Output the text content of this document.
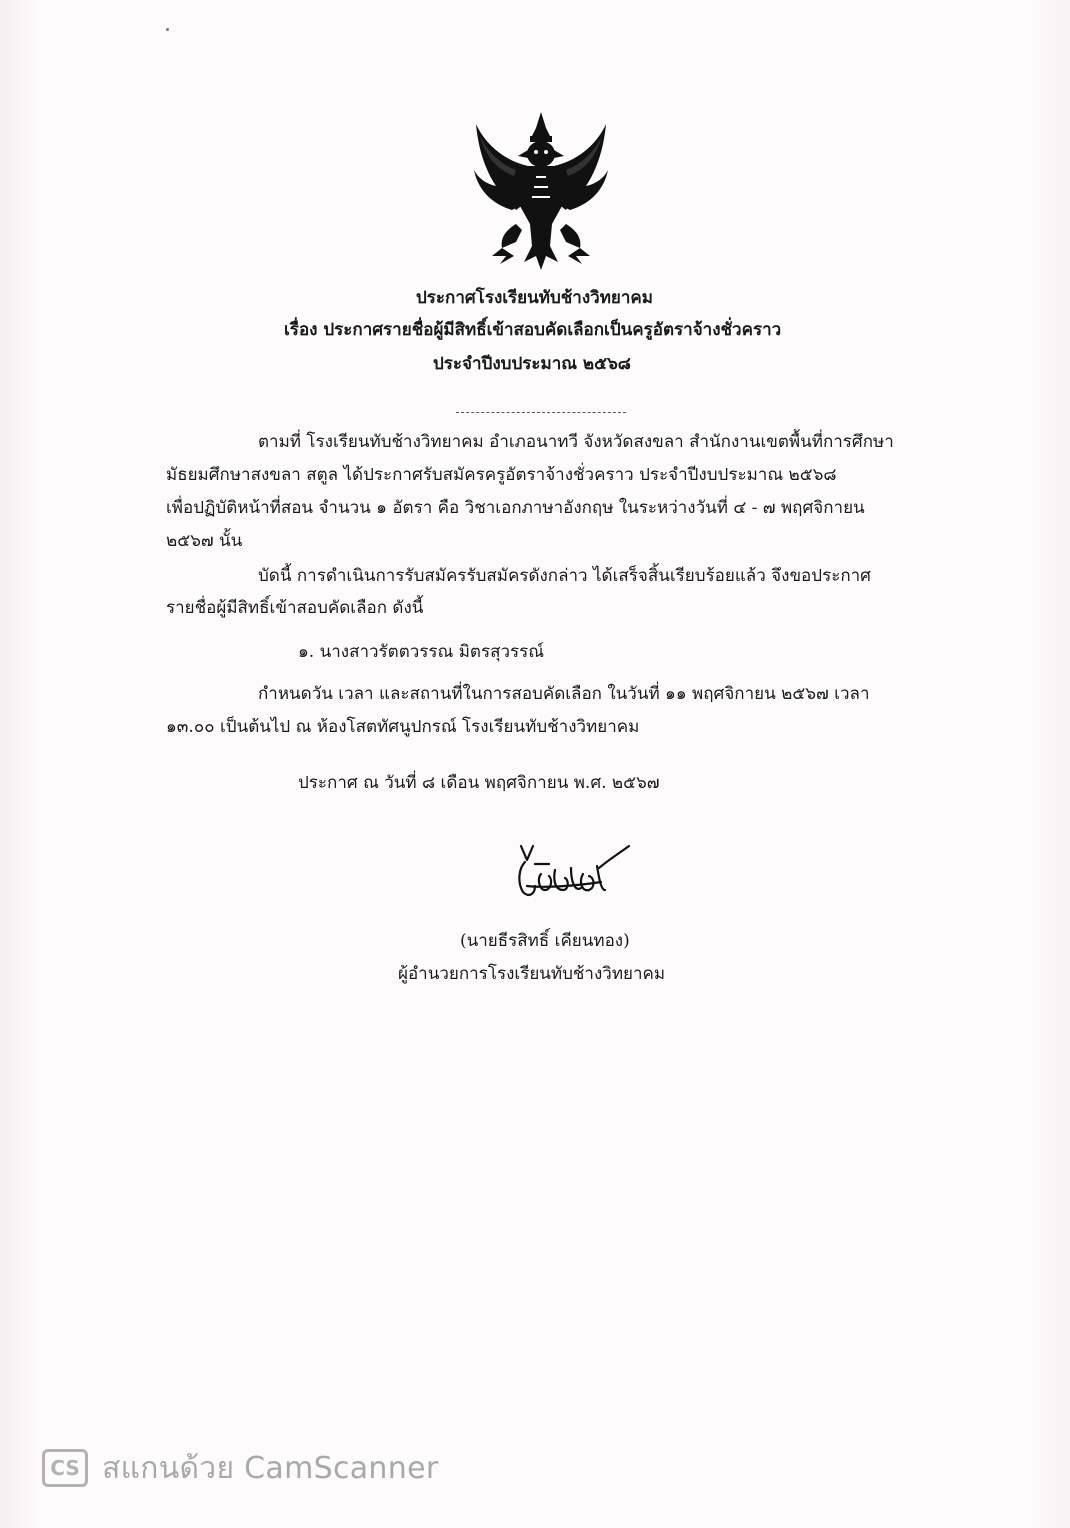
ประกาศโรงเรียนทับช้างวิทยาคม
เรื่อง ประกาศรายชื่อผู้มีสิทธิ์เข้าสอบคัดเลือกเป็นครูอัตราจ้างชั่วคราว
ประจำปีงบประมาณ ๒๕๖๘
ตามที่ โรงเรียนทับช้างวิทยาคม อำเภอนาทวี จังหวัดสงขลา สำนักงานเขตพื้นที่การศึกษา
มัธยมศึกษาสงขลา สตูล ได้ประกาศรับสมัครครูอัตราจ้างชั่วคราว ประจำปีงบประมาณ ๒๕๖๘
เพื่อปฏิบัติหน้าที่สอน จำนวน ๑ อัตรา คือ วิชาเอกภาษาอังกฤษ ในระหว่างวันที่ ๔ - ๗ พฤศจิกายน
๒๕๖๗ นั้น
บัดนี้ การดำเนินการรับสมัครรับสมัครดังกล่าว ได้เสร็จสิ้นเรียบร้อยแล้ว จึงขอประกาศ
รายชื่อผู้มีสิทธิ์เข้าสอบคัดเลือก ดังนี้
๑. นางสาวรัตตวรรณ มิตรสุวรรณ์
กำหนดวัน เวลา และสถานที่ในการสอบคัดเลือก ในวันที่ ๑๑ พฤศจิกายน ๒๕๖๗ เวลา
๑๓.๐๐ เป็นต้นไป ณ ห้องโสตทัศนูปกรณ์ โรงเรียนทับช้างวิทยาคม
ประกาศ ณ วันที่ ๘ เดือน พฤศจิกายน พ.ศ. ๒๕๖๗
(นายธีรสิทธิ์ เคียนทอง)
ผู้อำนวยการโรงเรียนทับช้างวิทยาคม
CS สแกนด้วย CamScanner
